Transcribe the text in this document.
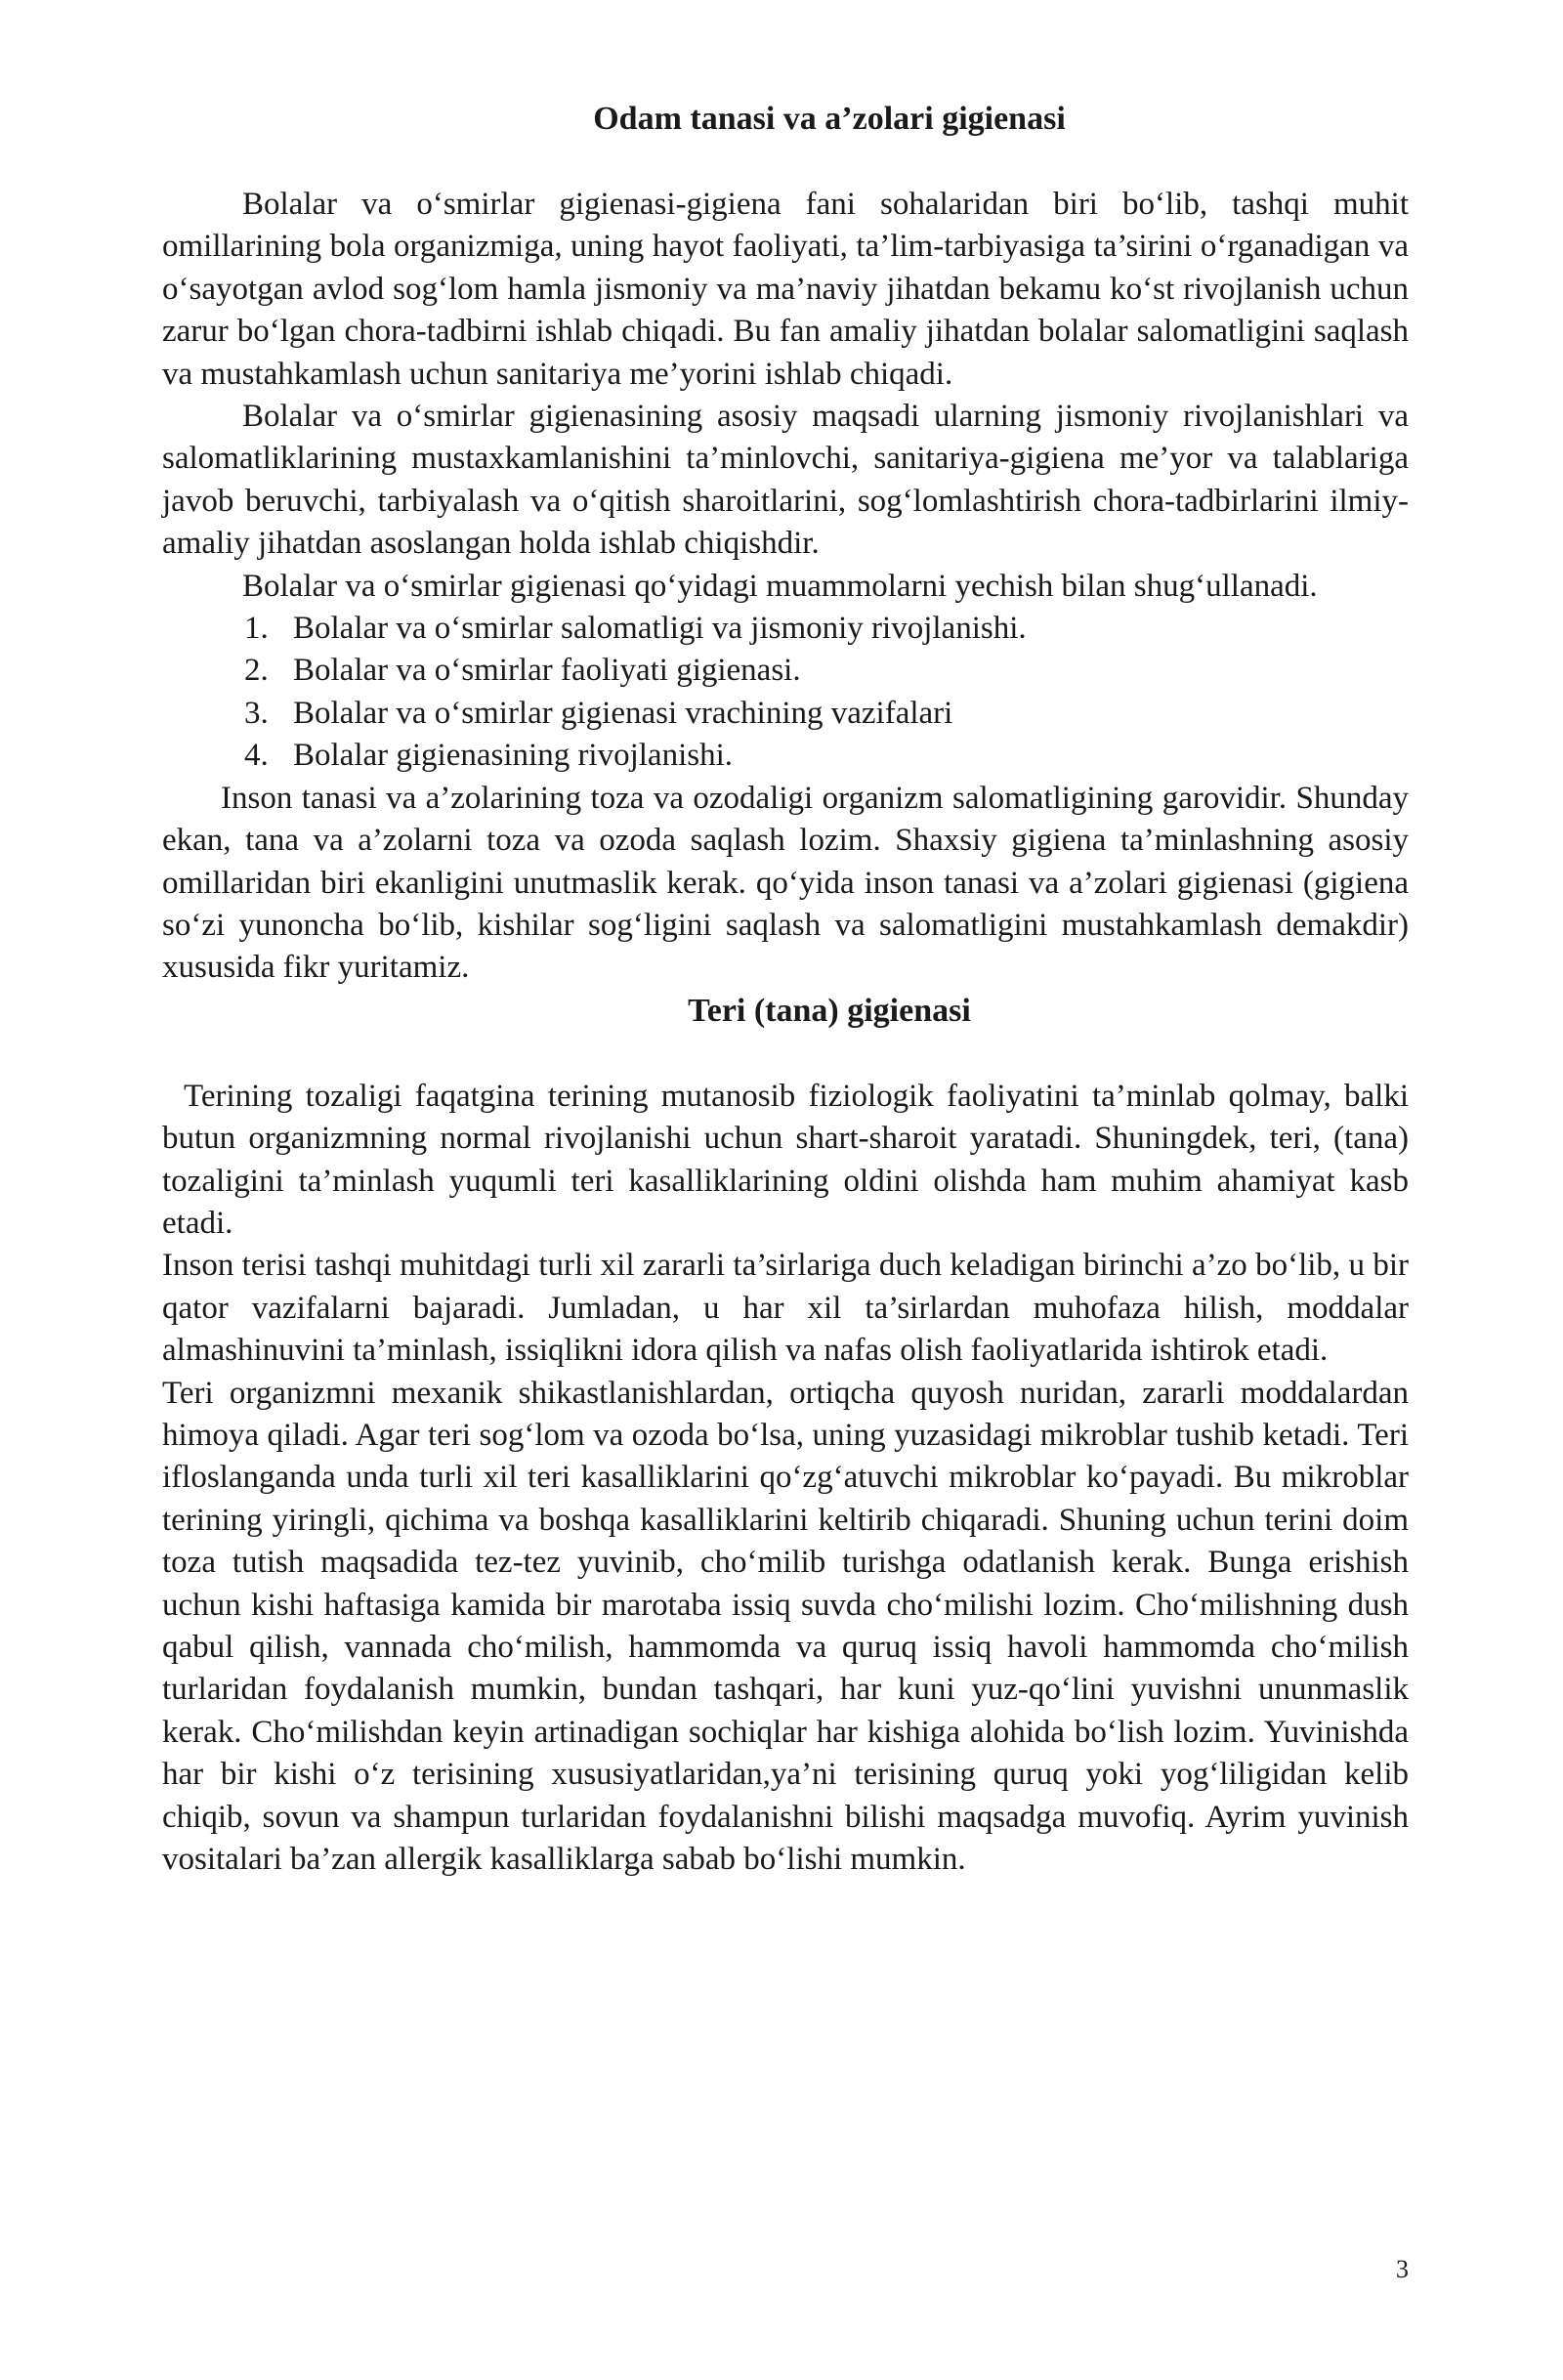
Odam tanasi va a’zolari gigienasi

Bolalar va o‘smirlar gigienasi-gigiena fani sohalaridan biri bo‘lib, tashqi muhit omillarining bola organizmiga, uning hayot faoliyati, ta’lim-tarbiyasiga ta’sirini o‘rganadigan va o‘sayotgan avlod sog‘lom hamla jismoniy va ma’naviy jihatdan bekamu ko‘st rivojlanish uchun zarur bo‘lgan chora-tadbirni ishlab chiqadi. Bu fan amaliy jihatdan bolalar salomatligini saqlash va mustahkamlash uchun sanitariya me’yorini ishlab chiqadi.

Bolalar va o‘smirlar gigienasining asosiy maqsadi ularning jismoniy rivojlanishlari va salomatliklarining mustaxkamlanishini ta’minlovchi, sanitariya-gigiena me’yor va talablariga javob beruvchi, tarbiyalash va o‘qitish sharoitlarini, sog‘lomlashtirish chora-tadbirlarini ilmiy-amaliy jihatdan asoslangan holda ishlab chiqishdir.

Bolalar va o‘smirlar gigienasi qo‘yidagi muammolarni yechish bilan shug‘ullanadi.

1. Bolalar va o‘smirlar salomatligi va jismoniy rivojlanishi.
2. Bolalar va o‘smirlar faoliyati gigienasi.
3. Bolalar va o‘smirlar gigienasi vrachining vazifalari
4. Bolalar gigienasining rivojlanishi.

Inson tanasi va a’zolarining toza va ozodaligi organizm salomatligining garovidir. Shunday ekan, tana va a’zolarni toza va ozoda saqlash lozim. Shaxsiy gigiena ta’minlashning asosiy omillaridan biri ekanligini unutmaslik kerak. qo‘yida inson tanasi va a’zolari gigienasi (gigiena so‘zi yunoncha bo‘lib, kishilar sog‘ligini saqlash va salomatligini mustahkamlash demakdir) xususida fikr yuritamiz.

Teri (tana) gigienasi

Terining tozaligi faqatgina terining mutanosib fiziologik faoliyatini ta’minlab qolmay, balki butun organizmning normal rivojlanishi uchun shart-sharoit yaratadi. Shuningdek, teri, (tana) tozaligini ta’minlash yuqumli teri kasalliklarining oldini olishda ham muhim ahamiyat kasb etadi.

Inson terisi tashqi muhitdagi turli xil zararli ta’sirlariga duch keladigan birinchi a’zo bo‘lib, u bir qator vazifalarni bajaradi. Jumladan, u har xil ta’sirlardan muhofaza hilish, moddalar almashinuvini ta’minlash, issiqlikni idora qilish va nafas olish faoliyatlarida ishtirok etadi.

Teri organizmni mexanik shikastlanishlardan, ortiqcha quyosh nuridan, zararli moddalardan himoya qiladi. Agar teri sog‘lom va ozoda bo‘lsa, uning yuzasidagi mikroblar tushib ketadi. Teri ifloslanganda unda turli xil teri kasalliklarini qo‘zg‘atuvchi mikroblar ko‘payadi. Bu mikroblar terining yiringli, qichima va boshqa kasalliklarini keltirib chiqaradi. Shuning uchun terini doim toza tutish maqsadida tez-tez yuvinib, cho‘milib turishga odatlanish kerak. Bunga erishish uchun kishi haftasiga kamida bir marotaba issiq suvda cho‘milishi lozim. Cho‘milishning dush qabul qilish, vannada cho‘milish, hammomda va quruq issiq havoli hammomda cho‘milish turlaridan foydalanish mumkin, bundan tashqari, har kuni yuz-qo‘lini yuvishni ununmaslik kerak. Cho‘milishdan keyin artinadigan sochiqlar har kishiga alohida bo‘lish lozim. Yuvinishda har bir kishi o‘z terisining xususiyatlaridan,ya’ni terisining quruq yoki yog‘liligidan kelib chiqib, sovun va shampun turlaridan foydalanishni bilishi maqsadga muvofiq. Ayrim yuvinish vositalari ba’zan allergik kasalliklarga sabab bo‘lishi mumkin.

3
